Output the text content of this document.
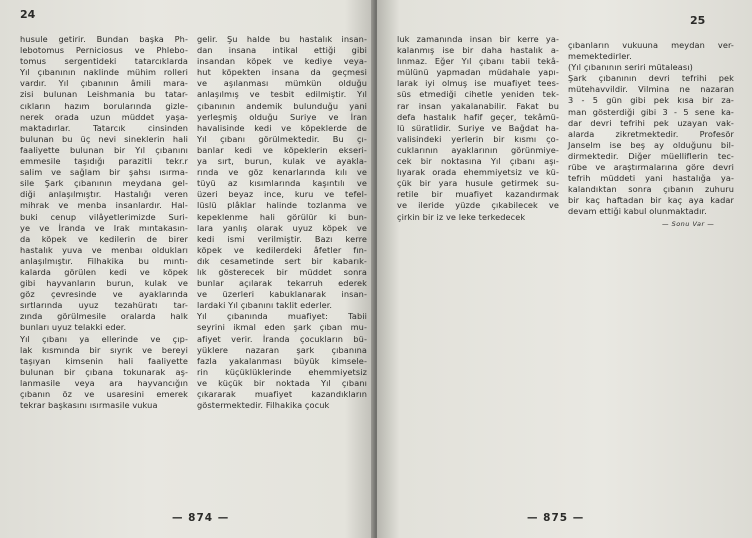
24

husule getirir. Bundan başka Ph-

lebotomus Perniciosus ve Phlebo-

tomus sergentideki tatarcıklarda

Yıl çıbanının naklinde mühim rolleri

vardır. Yıl çıbanının âmili mara-

zisi bulunan Leishmania bu tatar-

cıkların hazım borularında gizle-

nerek orada uzun müddet yaşa-

maktadırlar. Tatarcık cinsinden

bulunan bu üç nevi sineklerin hali

faaliyette bulunan bir Yıl çıbanını

emmesile taşıdığı parazitli tekr.r

salim ve sağlam bir şahsı ısırma-

sile Şark çıbanının meydana gel-

diği anlaşılmıştır. Hastalığı veren

mihrak ve menba insanlardır. Hal-

buki cenup vilâyetlerimizde Suri-

ye ve İranda ve Irak mıntakasın-

da köpek ve kedilerin de birer

hastalık yuva ve menbaı oldukları

anlaşılmıştır. Filhakika bu mıntı-

kalarda görülen kedi ve köpek

gibi hayvanların burun, kulak ve

göz çevresinde ve ayaklarında

sırtlarında uyuz tezahüratı tar-

zında görülmesile oralarda halk

bunları uyuz telakki eder.

Yıl çıbanı ya ellerinde ve çıp-

lak kısmında bir sıyrık ve bereyi

taşıyan kimsenin hali faaliyette

bulunan bir çıbana tokunarak aş-

lanmasile veya ara hayvancığın

çıbanın öz ve usaresini emerek

tekrar başkasını ısırmasile vukua

gelir. Şu halde bu hastalık insan-

dan insana intikal ettiği gibi

insandan köpek ve kediye veya-

hut köpekten insana da geçmesi

ve aşılanması mümkün olduğu

anlaşılmış ve tesbit edilmiştir. Yıl

çıbanının andemik bulunduğu yani

yerleşmiş olduğu Suriye ve İran

havalisinde kedi ve köpeklerde de

Yıl çıbanı görülmektedir. Bu çı-

banlar kedi ve köpeklerin ekseri-

ya sırt, burun, kulak ve ayakla-

rında ve göz kenarlarında kılı ve

tüyü az kısımlarında kaşıntılı ve

üzeri beyaz ince, kuru ve tefel-

lüslü plâklar halinde tozlanma ve

kepeklenme hali görülür ki bun-

lara yanlış olarak uyuz köpek ve

kedi ismi verilmiştir. Bazı kerre

köpek ve kedilerdeki âfetler fın-

dık cesametinde sert bir kabarık-

lık gösterecek bir müddet sonra

bunlar açılarak tekarruh ederek

ve üzerleri kabuklanarak insan-

lardaki Yıl çıbanını taklit ederler.

Yıl çıbanında muafiyet: Tabii

seyrini ikmal eden şark çıban mu-

afiyet verir. İranda çocukların bü-

yüklere nazaran şark çıbanına

fazla yakalanması büyük kimsele-

rin küçüklüklerinde ehemmiyetsiz

ve küçük bir noktada Yıl çıbanı

çıkararak muafiyet kazandıkların

göstermektedir. Filhakika çocuk

— 874 —
25

luk zamanında insan bir kerre ya-

kalanmış ise bir daha hastalık a-

lınmaz. Eğer Yıl çıbanı tabii tekâ-

mülünü yapmadan müdahale yapı-

larak iyi olmuş ise muafiyet tees-

süs etmediği cihetle yeniden tek-

rar insan yakalanabilir. Fakat bu

defa hastalık hafif geçer, tekâmü-

lü süratlidir. Suriye ve Bağdat ha-

valisindeki yerlerin bir kısmı ço-

cuklarının ayaklarının görünmiye-

cek bir noktasına Yıl çıbanı aşı-

lıyarak orada ehemmiyetsiz ve kü-

çük bir yara husule getirmek su-

retile bir muafiyet kazandırmak

ve ileride yüzde çıkabilecek ve

çirkin bir iz ve leke terkedecek

çıbanların vukuuna meydan ver-

memektedirler.

(Yıl çıbanının seriri mütaleası)

Şark çıbanının devri tefrihi pek

mütehavvildir. Vilminа ne nazaran

3 - 5 gün gibi pek kısa bir za-

man gösterdiği gibi 3 - 5 sene ka-

dar devri tefrihi pek uzayan vak-

alarda zikretmektedir. Profesör

Janselm ise beş ay olduğunu bil-

dirmektedir. Diğer müelliflerin tec-

rübe ve araştırmalarına göre devri

tefrih müddeti yani hastalığa ya-

kalandıktan sonra çıbanın zuhuru

bir kaç haftadan bir kaç aya kadar

devam ettiği kabul olunmaktadır.

— Sonu Var —
— 875 —
